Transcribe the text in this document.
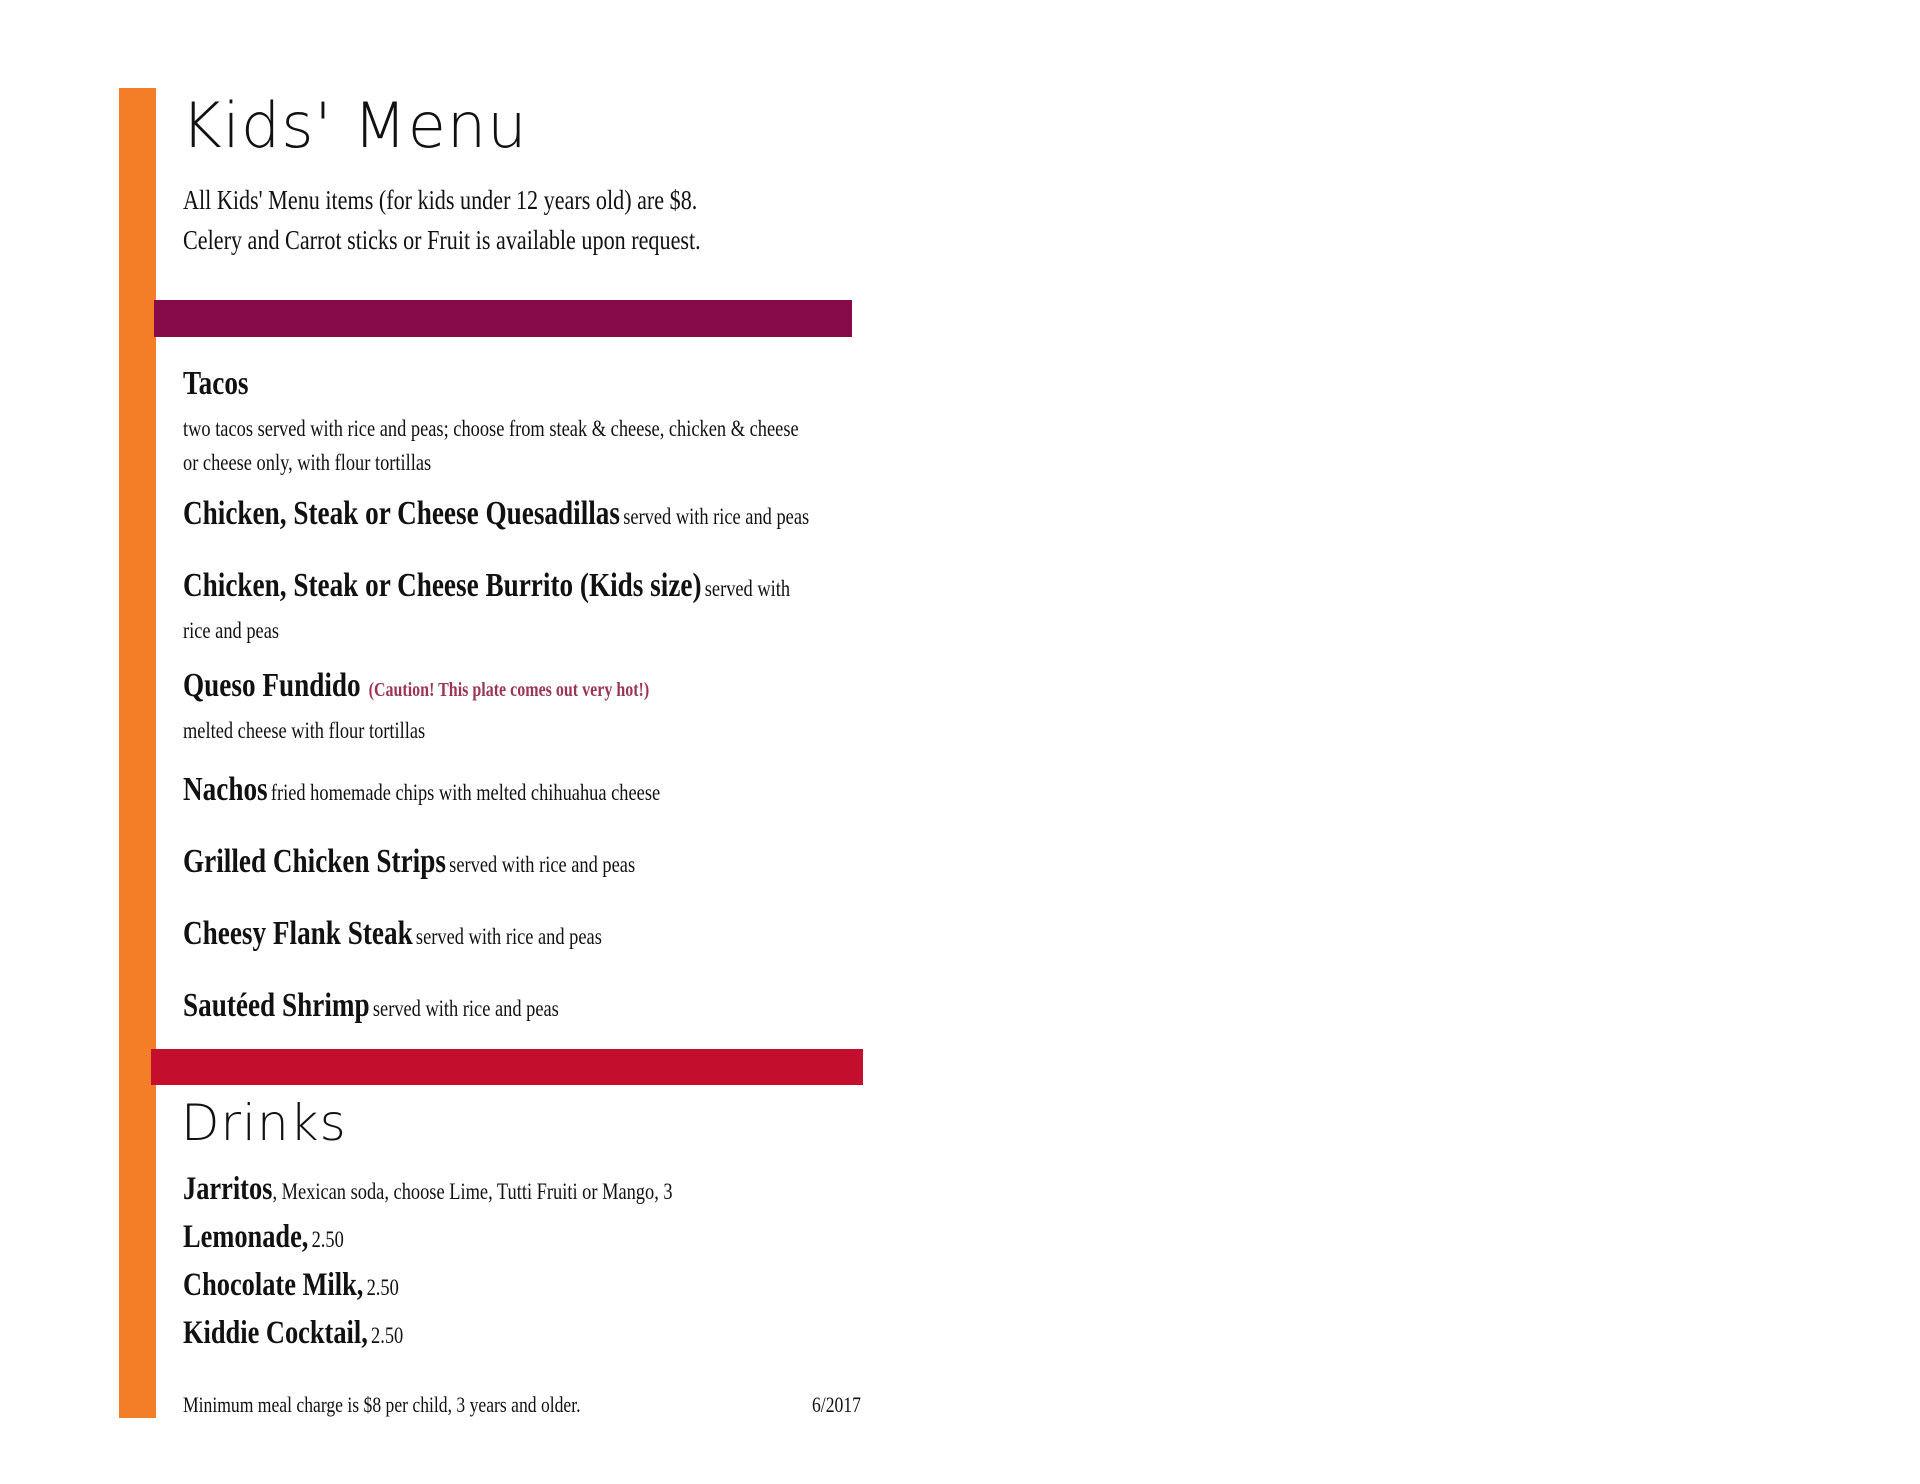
Kids' Menu
All Kids' Menu items (for kids under 12 years old) are $8.
Celery and Carrot sticks or Fruit is available upon request.
Tacos
two tacos served with rice and peas; choose from steak & cheese, chicken & cheese
or cheese only, with flour tortillas
Chicken, Steak or Cheese Quesadillas served with rice and peas
Chicken, Steak or Cheese Burrito (Kids size) served with
rice and peas
Queso Fundido (Caution! This plate comes out very hot!)
melted cheese with flour tortillas
Nachos fried homemade chips with melted chihuahua cheese
Grilled Chicken Strips served with rice and peas
Cheesy Flank Steak served with rice and peas
Sautéed Shrimp served with rice and peas
Drinks
Jarritos, Mexican soda, choose Lime, Tutti Fruiti or Mango, 3
Lemonade, 2.50
Chocolate Milk, 2.50
Kiddie Cocktail, 2.50
Minimum meal charge is $8 per child, 3 years and older.	6/2017
